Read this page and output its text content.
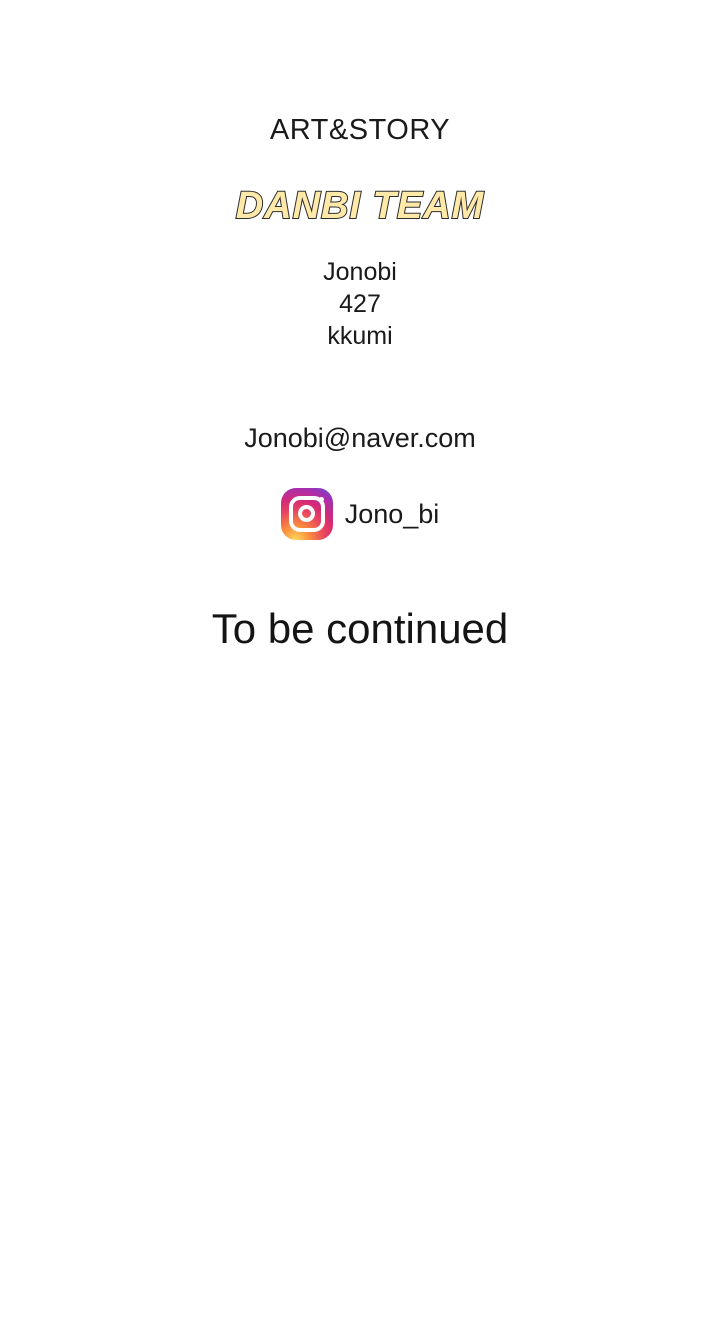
ART&STORY
DANBI TEAM
Jonobi
427
kkumi
Jonobi@naver.com
Jono_bi
To be continued
